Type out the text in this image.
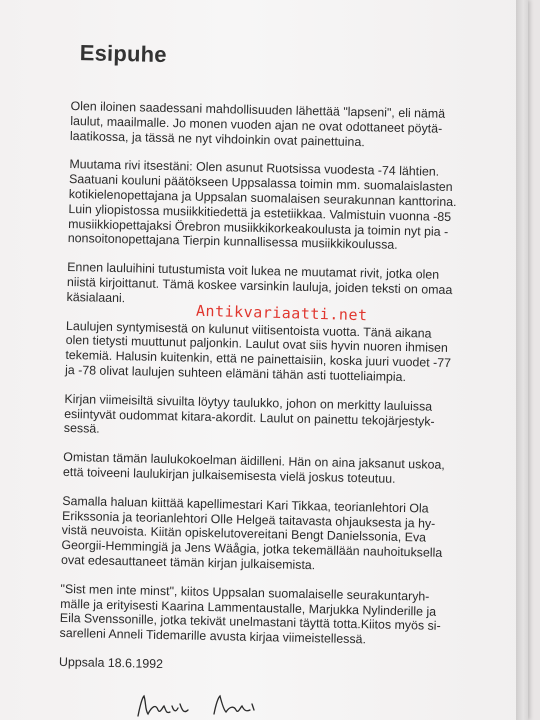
Esipuhe

Olen iloinen saadessani mahdollisuuden lähettää "lapseni", eli nämä
laulut, maailmalle. Jo monen vuoden ajan ne ovat odottaneet pöytä-
laatikossa, ja tässä ne nyt vihdoinkin ovat painettuina.

Muutama rivi itsestäni: Olen asunut Ruotsissa vuodesta -74 lähtien.
Saatuani kouluni päätökseen Uppsalassa toimin mm. suomalaislasten
kotikielenopettajana ja Uppsalan suomalaisen seurakunnan kanttorina.
Luin yliopistossa musiikkitiedettä ja estetiikkaa. Valmistuin vuonna -85
musiikkiopettajaksi Örebron musiikkikorkeakoulusta ja toimin nyt pia -
nonsoitonopettajana Tierpin kunnallisessa musiikkikoulussa.

Ennen lauluihini tutustumista voit lukea ne muutamat rivit, jotka olen
niistä kirjoittanut. Tämä koskee varsinkin lauluja, joiden teksti on omaa
käsialaani.

Laulujen syntymisestä on kulunut viitisentoista vuotta. Tänä aikana
olen tietysti muuttunut paljonkin. Laulut ovat siis hyvin nuoren ihmisen
tekemiä. Halusin kuitenkin, että ne painettaisiin, koska juuri vuodet -77
ja -78 olivat laulujen suhteen elämäni tähän asti tuotteliaimpia.

Kirjan viimeisiltä sivuilta löytyy taulukko, johon on merkitty lauluissa
esiintyvät oudommat kitara-akordit. Laulut on painettu tekojärjestyk-
sessä.

Omistan tämän laulukokoelman äidilleni. Hän on aina jaksanut uskoa,
että toiveeni laulukirjan julkaisemisesta vielä joskus toteutuu.

Samalla haluan kiittää kapellimestari Kari Tikkaa, teorianlehtori Ola
Erikssonia ja teorianlehtori Olle Helgeä taitavasta ohjauksesta ja hy-
vistä neuvoista. Kiitän opiskelutovereitani Bengt Danielssonia, Eva
Georgii-Hemmingiä ja Jens Wäågia, jotka tekemällään nauhoituksella
ovat edesauttaneet tämän kirjan julkaisemista.

"Sist men inte minst", kiitos Uppsalan suomalaiselle seurakuntaryh-
mälle ja erityisesti Kaarina Lammentaustalle, Marjukka Nylinderille ja
Eila Svenssonille, jotka tekivät unelmastani täyttä totta.Kiitos myös si-
sarelleni Anneli Tidemarille avusta kirjaa viimeistellessä.

Uppsala 18.6.1992

Antikvariaatti.net
